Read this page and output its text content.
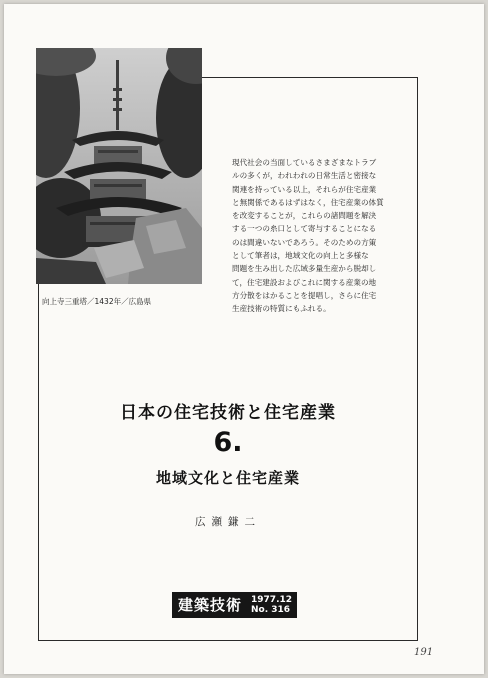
向上寺三重塔／1432年／広島県
現代社会の当面しているさまざまなトラブ
ルの多くが，われわれの日常生活と密接な
関連を持っている以上，それらが住宅産業
と無関係であるはずはなく，住宅産業の体質
を改変することが，これらの諸問題を解決
する一つの糸口として寄与することになる
のは間違いないであろう。そのための方策
として筆者は，地域文化の向上と多様な
問題を生み出した広域多量生産から脱却し
て，住宅建設およびこれに関する産業の地
方分散をはかることを提唱し，さらに住宅
生産技術の特質にもふれる。
日本の住宅技術と住宅産業
6.
地域文化と住宅産業
広瀬鎌二
建築技術	1977.12
No. 316
191
